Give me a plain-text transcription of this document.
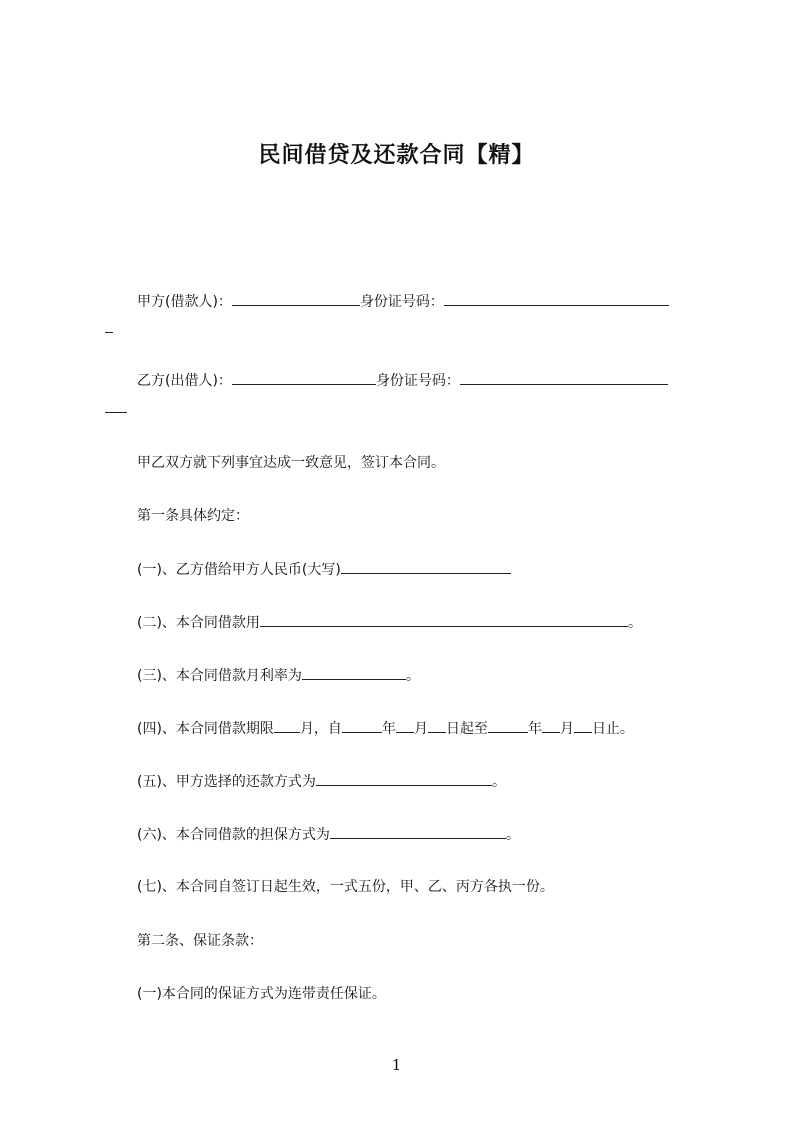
民间借贷及还款合同【精】
甲方(借款人)：	身份证号码：
乙方(出借人)：	身份证号码：
甲乙双方就下列事宜达成一致意见，签订本合同。
第一条具体约定：
(一)、乙方借给甲方人民币(大写)
(二)、本合同借款用	。
(三)、本合同借款月利率为	。
(四)、本合同借款期限 月，自	年 月 日起至	年 月 日止。
(五)、甲方选择的还款方式为	。
(六)、本合同借款的担保方式为	。
(七)、本合同自签订日起生效，一式五份，甲、乙、丙方各执一份。
第二条、保证条款：
(一)本合同的保证方式为连带责任保证。
1
